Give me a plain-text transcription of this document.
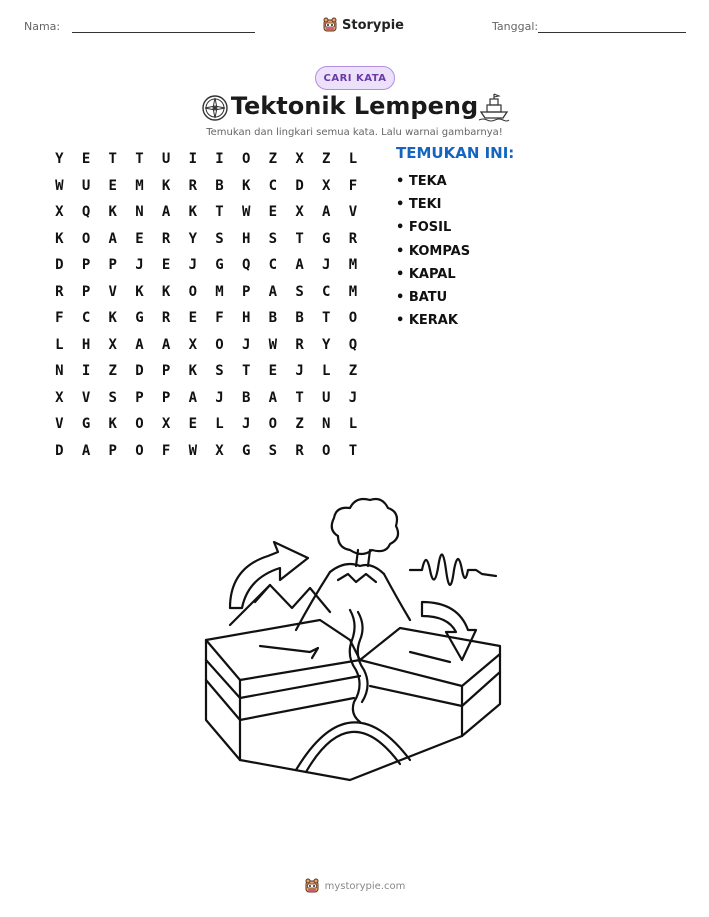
Nama:	Storypie	Tanggal:
CARI KATA
Tektonik Lempeng
Temukan dan lingkari semua kata. Lalu warnai gambarnya!
Y	E	T	T	U	I	I	O	Z	X	Z	L
W	U	E	M	K	R	B	K	C	D	X	F
X	Q	K	N	A	K	T	W	E	X	A	V
K	O	A	E	R	Y	S	H	S	T	G	R
D	P	P	J	E	J	G	Q	C	A	J	M
R	P	V	K	K	O	M	P	A	S	C	M
F	C	K	G	R	E	F	H	B	B	T	O
L	H	X	A	A	X	O	J	W	R	Y	Q
N	I	Z	D	P	K	S	T	E	J	L	Z
X	V	S	P	P	A	J	B	A	T	U	J
V	G	K	O	X	E	L	J	O	Z	N	L
D	A	P	O	F	W	X	G	S	R	O	T
TEMUKAN INI:
• TEKA
• TEKI
• FOSIL
• KOMPAS
• KAPAL
• BATU
• KERAK
mystorypie.com
